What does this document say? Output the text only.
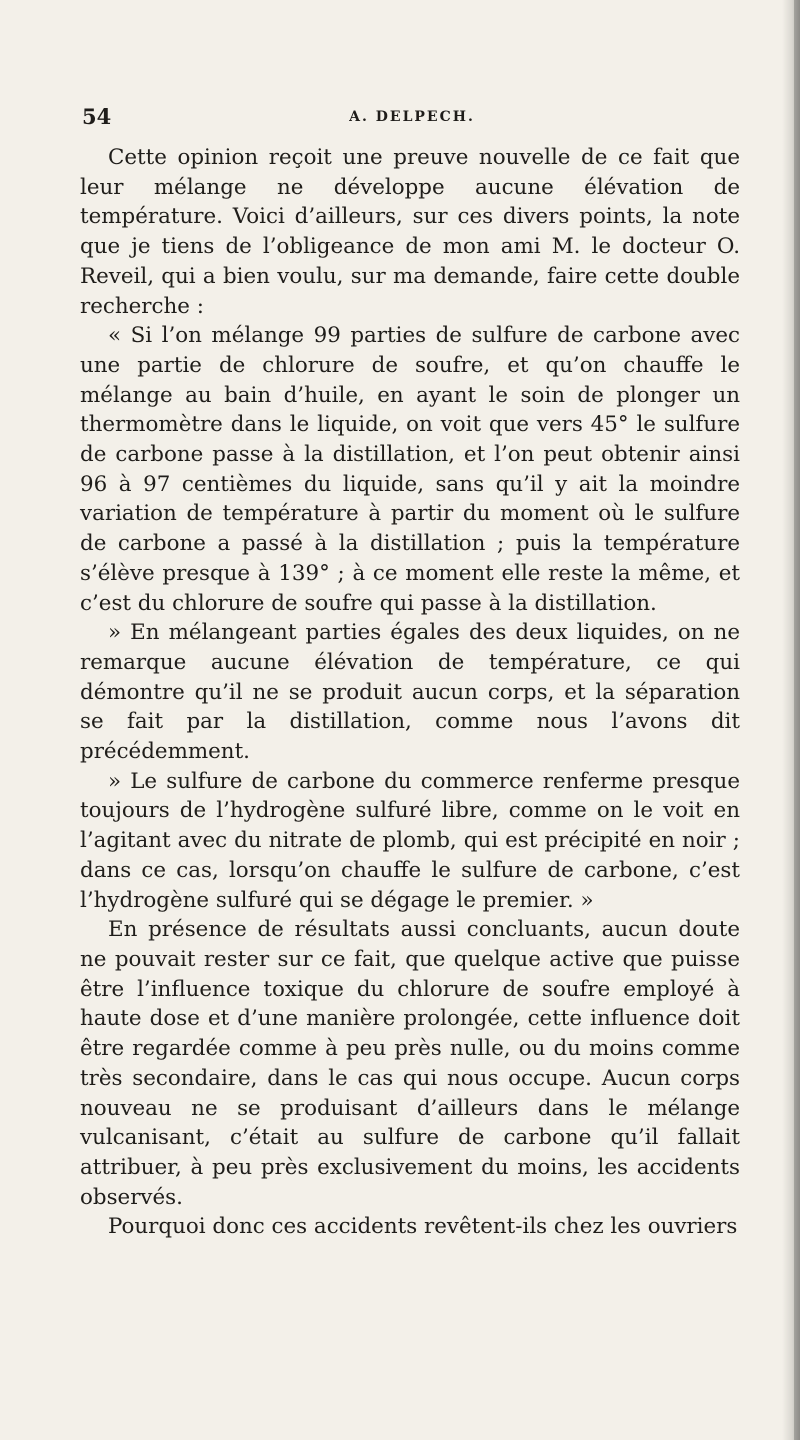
54	A. DELPECH.

Cette opinion reçoit une preuve nouvelle de ce fait que leur mélange ne développe aucune élévation de température. Voici d’ailleurs, sur ces divers points, la note que je tiens de l’obligeance de mon ami M. le docteur O. Reveil, qui a bien voulu, sur ma demande, faire cette double recherche :

« Si l’on mélange 99 parties de sulfure de carbone avec une partie de chlorure de soufre, et qu’on chauffe le mélange au bain d’huile, en ayant le soin de plonger un thermomètre dans le liquide, on voit que vers 45° le sulfure de carbone passe à la distillation, et l’on peut obtenir ainsi 96 à 97 centièmes du liquide, sans qu’il y ait la moindre variation de température à partir du moment où le sulfure de carbone a passé à la distillation ; puis la température s’élève presque à 139° ; à ce moment elle reste la même, et c’est du chlorure de soufre qui passe à la distillation.

» En mélangeant parties égales des deux liquides, on ne remarque aucune élévation de température, ce qui démontre qu’il ne se produit aucun corps, et la séparation se fait par la distillation, comme nous l’avons dit précédemment.

» Le sulfure de carbone du commerce renferme presque toujours de l’hydrogène sulfuré libre, comme on le voit en l’agitant avec du nitrate de plomb, qui est précipité en noir ; dans ce cas, lorsqu’on chauffe le sulfure de carbone, c’est l’hydrogène sulfuré qui se dégage le premier. »

En présence de résultats aussi concluants, aucun doute ne pouvait rester sur ce fait, que quelque active que puisse être l’influence toxique du chlorure de soufre employé à haute dose et d’une manière prolongée, cette influence doit être regardée comme à peu près nulle, ou du moins comme très secondaire, dans le cas qui nous occupe. Aucun corps nouveau ne se produisant d’ailleurs dans le mélange vulcanisant, c’était au sulfure de carbone qu’il fallait attribuer, à peu près exclusivement du moins, les accidents observés.

Pourquoi donc ces accidents revêtent-ils chez les ouvriers
